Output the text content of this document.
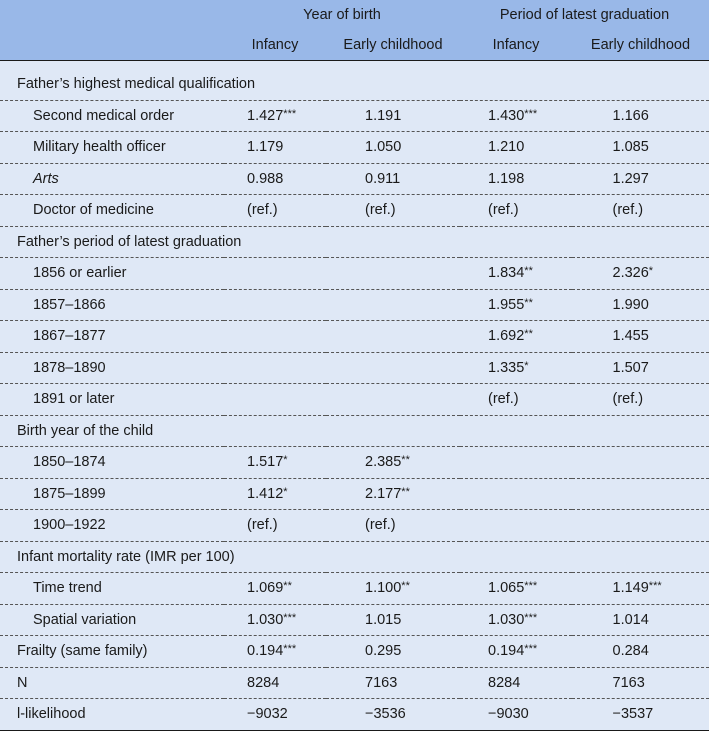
	Year of birth		Period of latest graduation	
	Infancy	Early childhood	Infancy	Early childhood

Father’s highest medical qualification				
Second medical order	1.427***	1.191	1.430***	1.166
Military health officer	1.179	1.050	1.210	1.085
Arts	0.988	0.911	1.198	1.297
Doctor of medicine	(ref.)	(ref.)	(ref.)	(ref.)
Father’s period of latest graduation				
1856 or earlier			1.834**	2.326*
1857–1866			1.955**	1.990
1867–1877			1.692**	1.455
1878–1890			1.335*	1.507
1891 or later			(ref.)	(ref.)
Birth year of the child				
1850–1874	1.517*	2.385**		
1875–1899	1.412*	2.177**		
1900–1922	(ref.)	(ref.)		
Infant mortality rate (IMR per 100)				
Time trend	1.069**	1.100**	1.065***	1.149***
Spatial variation	1.030***	1.015	1.030***	1.014
Frailty (same family)	0.194***	0.295	0.194***	0.284
N	8284	7163	8284	7163
l-likelihood	−9032	−3536	−9030	−3537
